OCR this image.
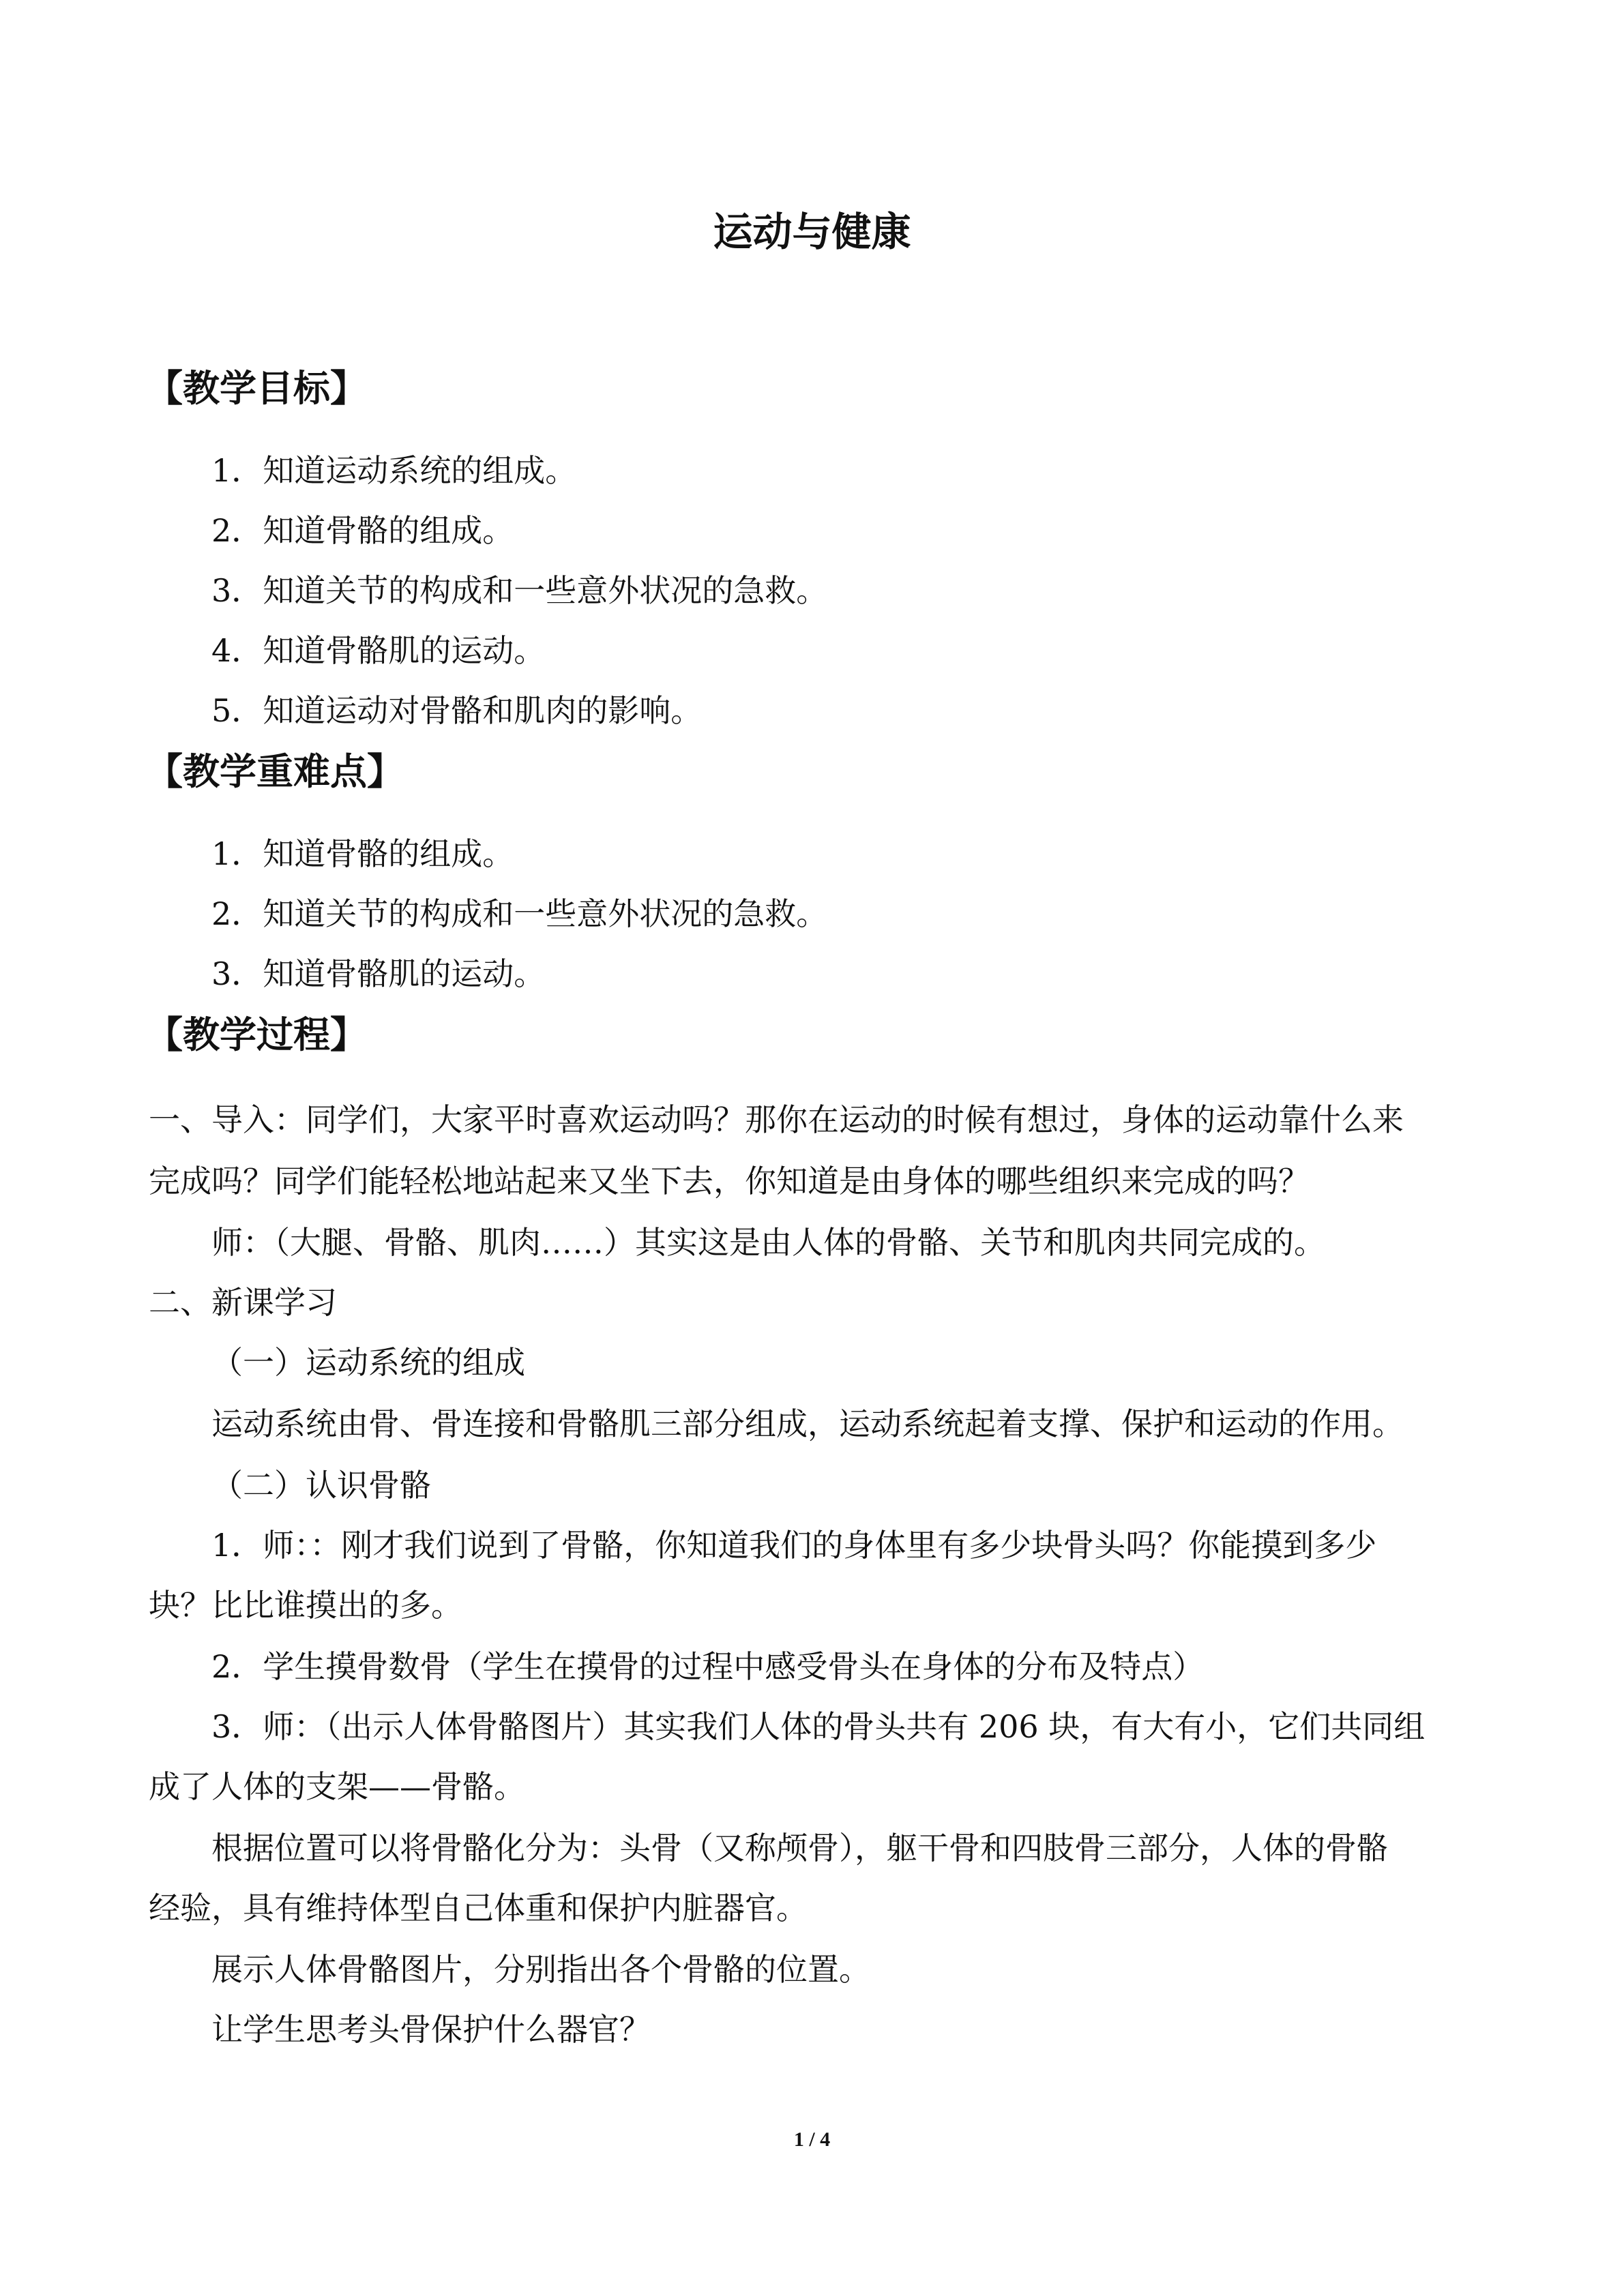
运动与健康
【教学目标】
1．知道运动系统的组成。
2．知道骨骼的组成。
3．知道关节的构成和一些意外状况的急救。
4．知道骨骼肌的运动。
5．知道运动对骨骼和肌肉的影响。
【教学重难点】
1．知道骨骼的组成。
2．知道关节的构成和一些意外状况的急救。
3．知道骨骼肌的运动。
【教学过程】
一、导入：同学们，大家平时喜欢运动吗？那你在运动的时候有想过，身体的运动靠什么来
完成吗？同学们能轻松地站起来又坐下去，你知道是由身体的哪些组织来完成的吗？
师：（大腿、骨骼、肌肉……）其实这是由人体的骨骼、关节和肌肉共同完成的。
二、新课学习
（一）运动系统的组成
运动系统由骨、骨连接和骨骼肌三部分组成，运动系统起着支撑、保护和运动的作用。
（二）认识骨骼
1．师：：刚才我们说到了骨骼，你知道我们的身体里有多少块骨头吗？你能摸到多少
块？比比谁摸出的多。
2．学生摸骨数骨（学生在摸骨的过程中感受骨头在身体的分布及特点）
3．师：（出示人体骨骼图片）其实我们人体的骨头共有 206 块，有大有小，它们共同组
成了人体的支架——骨骼。
根据位置可以将骨骼化分为：头骨（又称颅骨），躯干骨和四肢骨三部分，人体的骨骼
经验，具有维持体型自己体重和保护内脏器官。
展示人体骨骼图片，分别指出各个骨骼的位置。
让学生思考头骨保护什么器官？
1 / 4
